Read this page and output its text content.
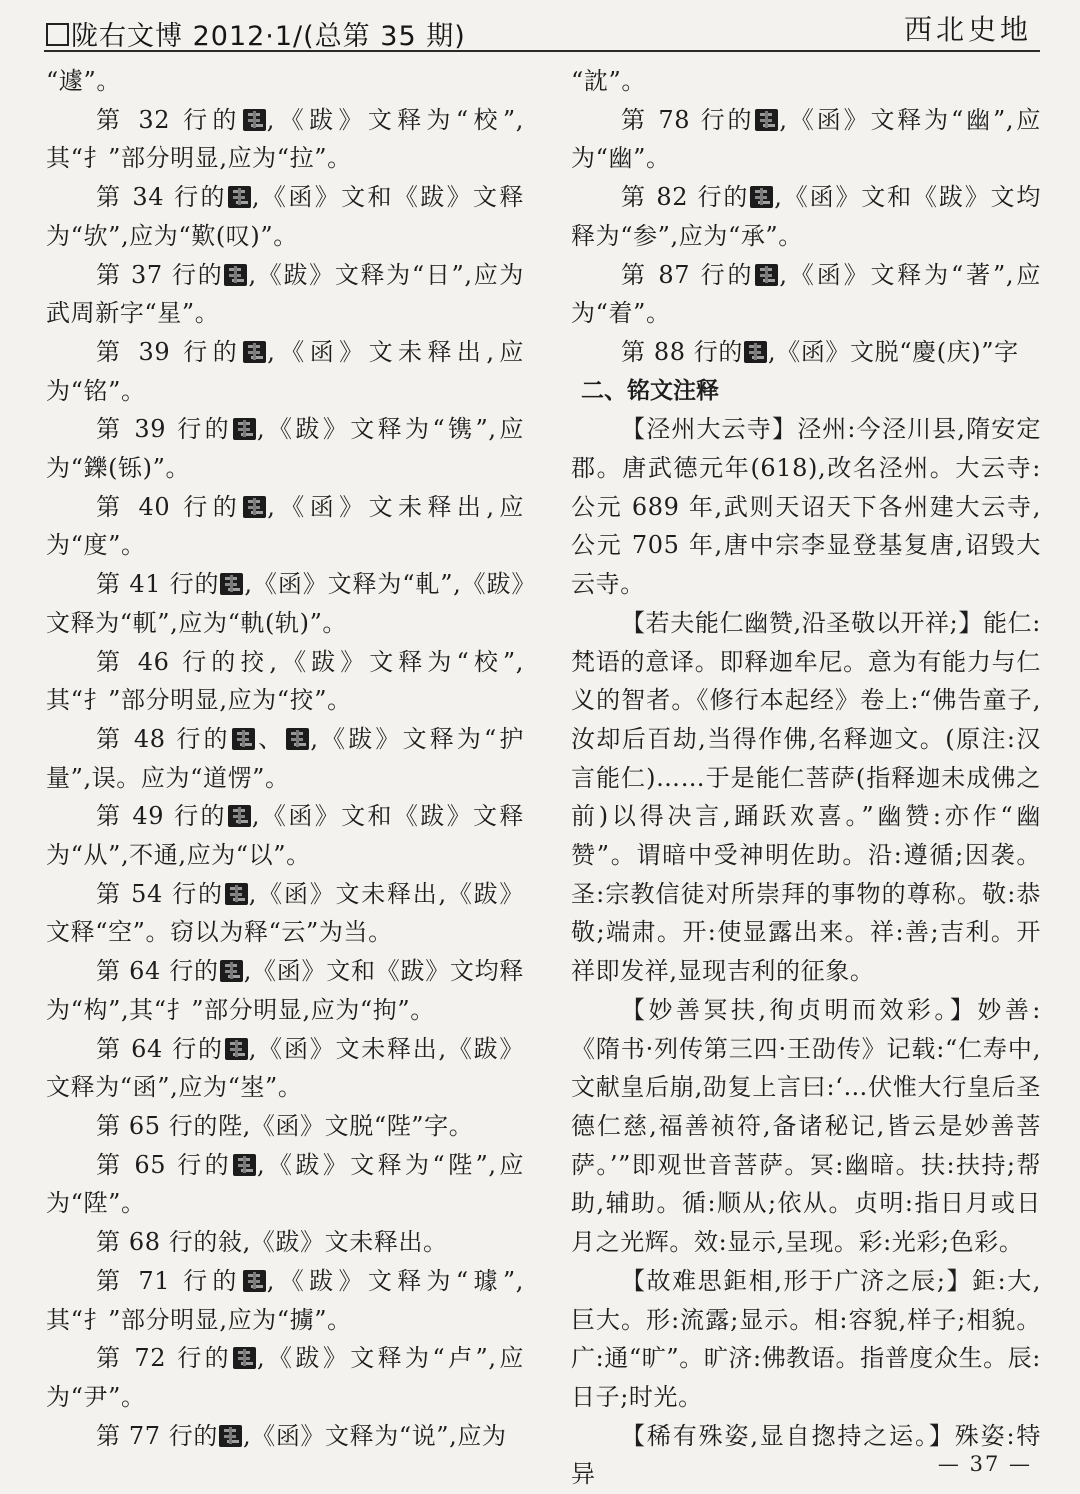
陇右文博 2012·1/(总第 35 期)	西北史地

“遽”。

第 32 行的 ,《跋》文释为“校”,其“扌”部分明显,应为“拉”。

第 34 行的 ,《函》文和《跋》文释为“欤”,应为“歎(叹)”。

第 37 行的 ,《跋》文释为“日”,应为武周新字“星”。

第 39 行的 ,《函》文未释出,应为“铭”。

第 39 行的 ,《跋》文释为“镌”,应为“鑠(铄)”。

第 40 行的 ,《函》文未释出,应为“度”。

第 41 行的 ,《函》文释为“軋”,《跋》文释为“軏”,应为“軌(轨)”。

第 46 行的挍,《跋》文释为“校”,其“扌”部分明显,应为“挍”。

第 48 行的 、 ,《跋》文释为“护量”,误。应为“道愣”。

第 49 行的 ,《函》文和《跋》文释为“从”,不通,应为“以”。

第 54 行的 ,《函》文未释出,《跋》文释“空”。窃以为释“云”为当。

第 64 行的 ,《函》文和《跋》文均释为“构”,其“扌”部分明显,应为“拘”。

第 64 行的 ,《函》文未释出,《跋》文释为“函”,应为“埊”。

第 65 行的陛,《函》文脱“陛”字。

第 65 行的 ,《跋》文释为“陛”,应为“陞”。

第 68 行的敍,《跋》文未释出。

第 71 行的 ,《跋》文释为“璩”,其“扌”部分明显,应为“擄”。

第 72 行的 ,《跋》文释为“卢”,应为“尹”。

第 77 行的 ,《函》文释为“说”,应为

“訦”。

第 78 行的 ,《函》文释为“幽”,应为“幽”。

第 82 行的 ,《函》文和《跋》文均释为“参”,应为“承”。

第 87 行的 ,《函》文释为“著”,应为“着”。

第 88 行的 ,《函》文脱“慶(庆)”字

二、铭文注释

【泾州大云寺】泾州:今泾川县,隋安定郡。唐武德元年(618),改名泾州。大云寺:公元 689 年,武则天诏天下各州建大云寺,公元 705 年,唐中宗李显登基复唐,诏毁大云寺。

【若夫能仁幽赞,沿圣敬以开祥;】能仁:梵语的意译。即释迦牟尼。意为有能力与仁义的智者。《修行本起经》卷上:“佛告童子,汝却后百劫,当得作佛,名释迦文。(原注:汉言能仁)……于是能仁菩萨(指释迦未成佛之前)以得决言,踊跃欢喜。”幽赞:亦作“幽赞”。谓暗中受神明佐助。沿:遵循;因袭。圣:宗教信徒对所崇拜的事物的尊称。敬:恭敬;端肃。开:使显露出来。祥:善;吉利。开祥即发祥,显现吉利的征象。

【妙善冥扶,徇贞明而效彩。】妙善:《隋书·列传第三四·王劭传》记载:“仁寿中,文献皇后崩,劭复上言曰:‘…伏惟大行皇后圣德仁慈,福善祯符,备诸秘记,皆云是妙善菩萨。’”即观世音菩萨。冥:幽暗。扶:扶持;帮助,辅助。循:顺从;依从。贞明:指日月或日月之光辉。效:显示,呈现。彩:光彩;色彩。

【故难思鉅相,形于广济之辰;】鉅:大,巨大。形:流露;显示。相:容貌,样子;相貌。广:通“旷”。旷济:佛教语。指普度众生。辰:日子;时光。

【稀有殊姿,显自揔持之运。】殊姿:特异	— 37 —
